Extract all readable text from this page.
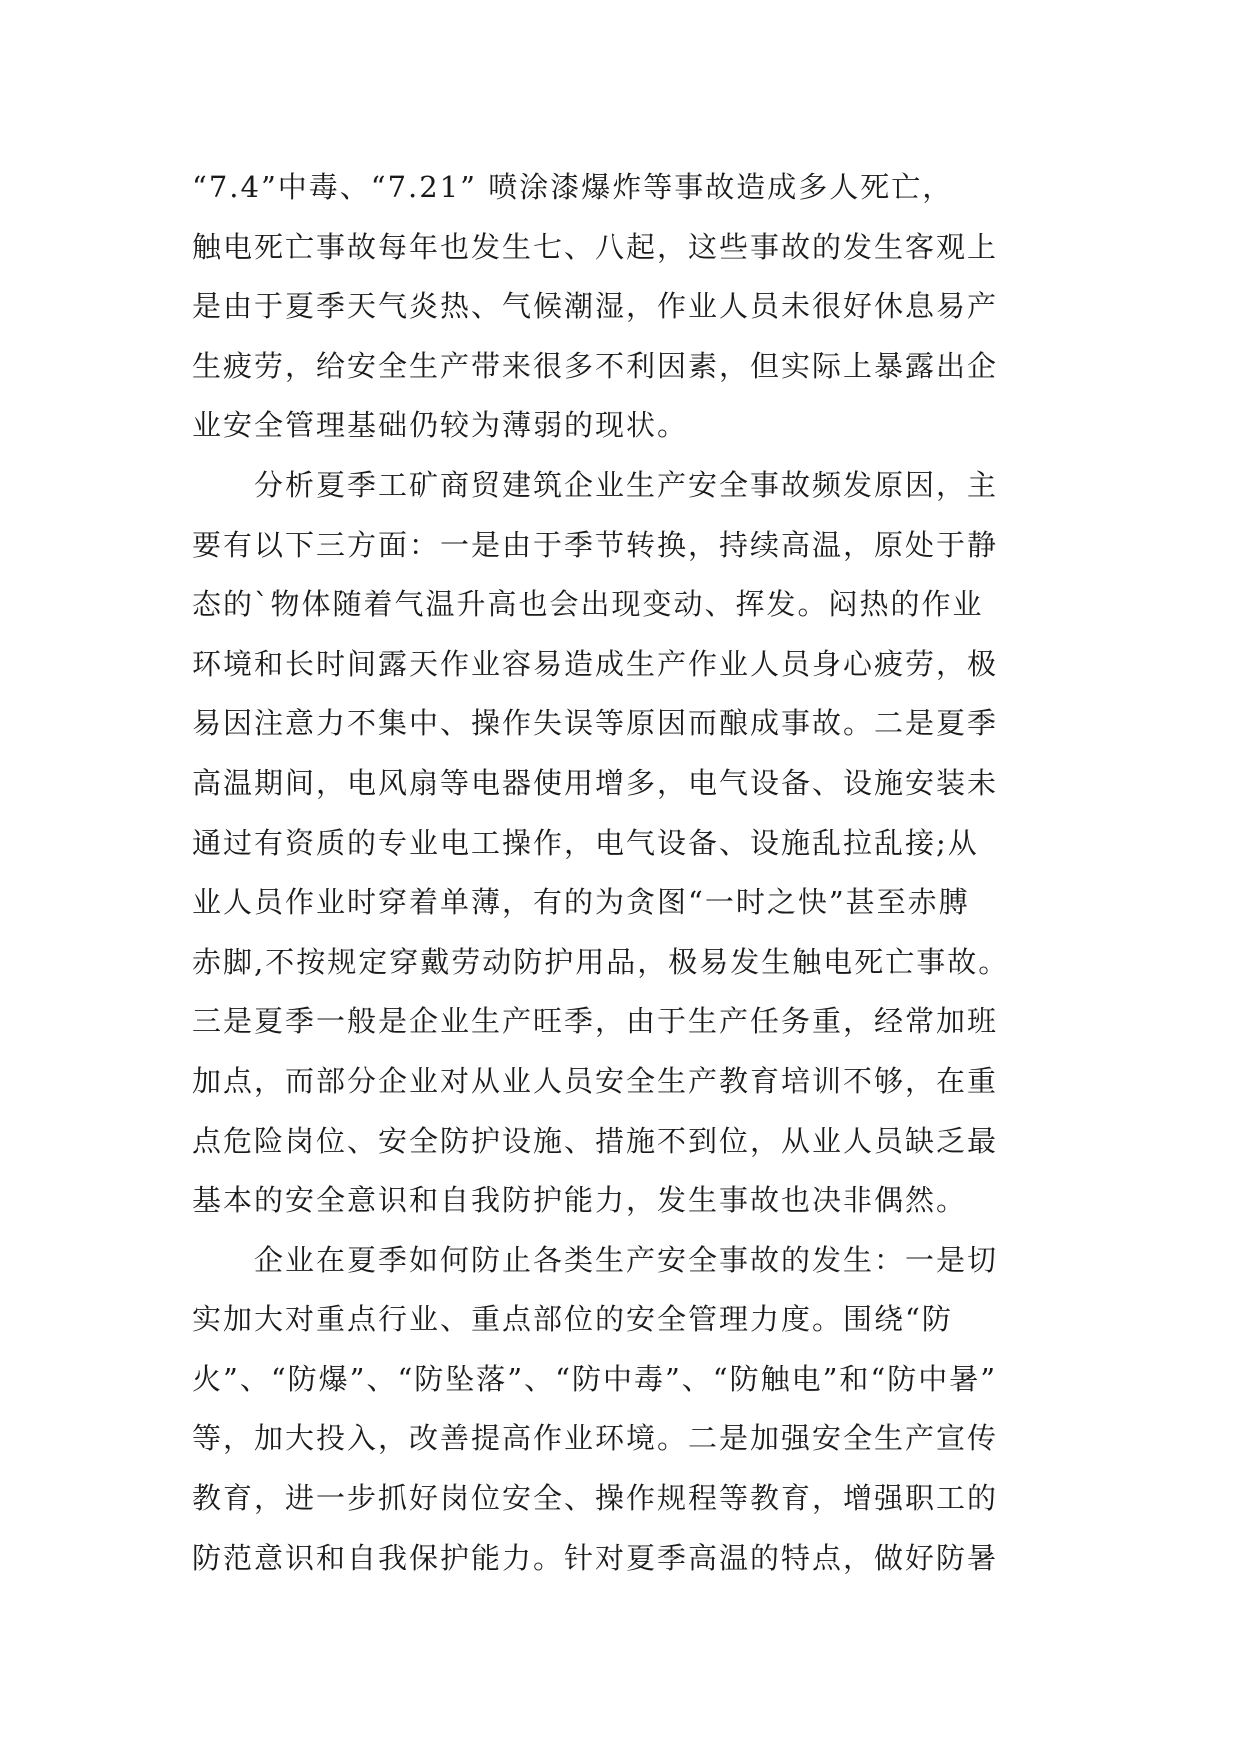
“7.4”中毒、“7.21” 喷涂漆爆炸等事故造成多人死亡，
触电死亡事故每年也发生七、八起，这些事故的发生客观上
是由于夏季天气炎热、气候潮湿，作业人员未很好休息易产
生疲劳，给安全生产带来很多不利因素，但实际上暴露出企
业安全管理基础仍较为薄弱的现状。
分析夏季工矿商贸建筑企业生产安全事故频发原因，主
要有以下三方面：一是由于季节转换，持续高温，原处于静
态的`物体随着气温升高也会出现变动、挥发。闷热的作业
环境和长时间露天作业容易造成生产作业人员身心疲劳，极
易因注意力不集中、操作失误等原因而酿成事故。二是夏季
高温期间，电风扇等电器使用增多，电气设备、设施安装未
通过有资质的专业电工操作，电气设备、设施乱拉乱接;从
业人员作业时穿着单薄，有的为贪图“一时之快”甚至赤膊
赤脚,不按规定穿戴劳动防护用品，极易发生触电死亡事故。
三是夏季一般是企业生产旺季，由于生产任务重，经常加班
加点，而部分企业对从业人员安全生产教育培训不够，在重
点危险岗位、安全防护设施、措施不到位，从业人员缺乏最
基本的安全意识和自我防护能力，发生事故也决非偶然。
企业在夏季如何防止各类生产安全事故的发生：一是切
实加大对重点行业、重点部位的安全管理力度。围绕“防
火”、“防爆”、“防坠落”、“防中毒”、“防触电”和“防中暑”
等，加大投入，改善提高作业环境。二是加强安全生产宣传
教育，进一步抓好岗位安全、操作规程等教育，增强职工的
防范意识和自我保护能力。针对夏季高温的特点，做好防暑
